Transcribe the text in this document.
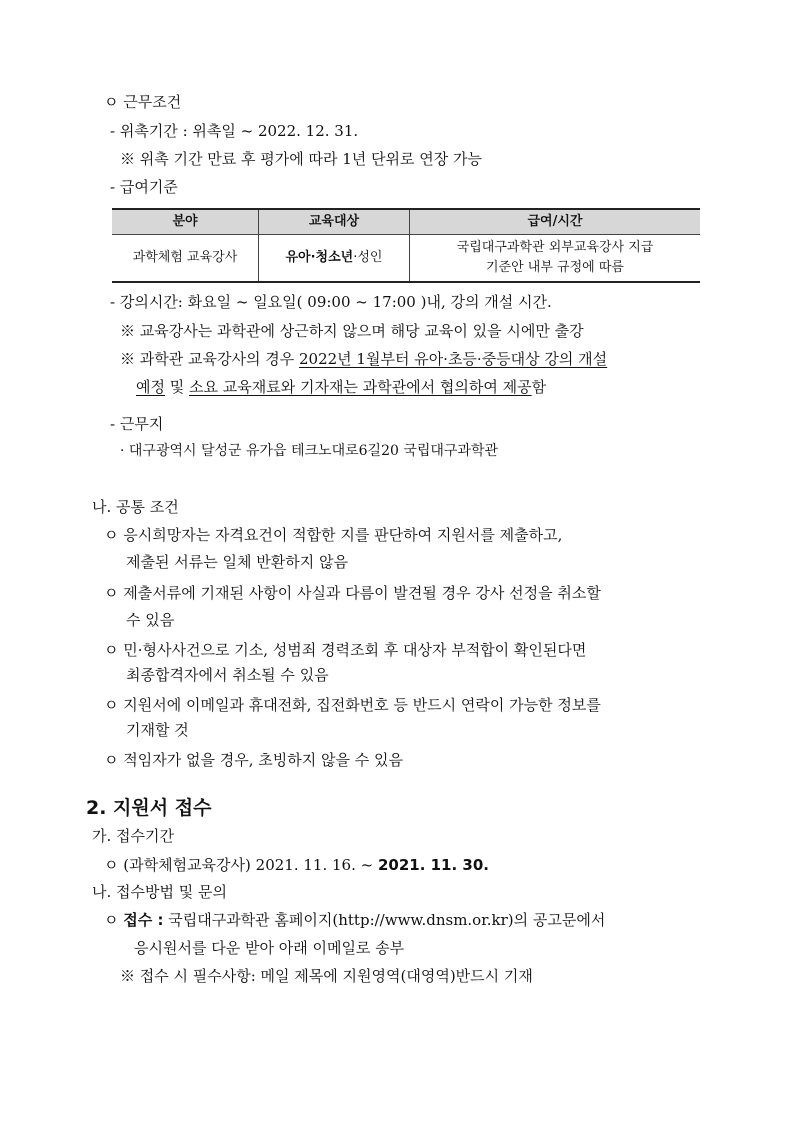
ㅇ 근무조건
- 위촉기간 : 위촉일 ~ 2022. 12. 31.
※ 위촉 기간 만료 후 평가에 따라 1년 단위로 연장 가능
- 급여기준
분야	교육대상	급여/시간
과학체험 교육강사	유아·청소년·성인	국립대구과학관 외부교육강사 지급
기준안 내부 규정에 따름
- 강의시간: 화요일 ~ 일요일( 09:00 ~ 17:00 )내, 강의 개설 시간.
※ 교육강사는 과학관에 상근하지 않으며 해당 교육이 있을 시에만 출강
※ 과학관 교육강사의 경우 2022년 1월부터 유아·초등·중등대상 강의 개설
예정 및 소요 교육재료와 기자재는 과학관에서 협의하여 제공함
- 근무지
· 대구광역시 달성군 유가읍 테크노대로6길20 국립대구과학관
나. 공통 조건
ㅇ 응시희망자는 자격요건이 적합한 지를 판단하여 지원서를 제출하고,
제출된 서류는 일체 반환하지 않음
ㅇ 제출서류에 기재된 사항이 사실과 다름이 발견될 경우 강사 선정을 취소할
수 있음
ㅇ 민·형사사건으로 기소, 성범죄 경력조회 후 대상자 부적합이 확인된다면
최종합격자에서 취소될 수 있음
ㅇ 지원서에 이메일과 휴대전화, 집전화번호 등 반드시 연락이 가능한 정보를
기재할 것
ㅇ 적임자가 없을 경우, 초빙하지 않을 수 있음
2. 지원서 접수
가. 접수기간
ㅇ (과학체험교육강사) 2021. 11. 16. ~ 2021. 11. 30.
나. 접수방법 및 문의
ㅇ 접수 : 국립대구과학관 홈페이지(http://www.dnsm.or.kr)의 공고문에서
응시원서를 다운 받아 아래 이메일로 송부
※ 접수 시 필수사항: 메일 제목에 지원영역(대영역)반드시 기재
